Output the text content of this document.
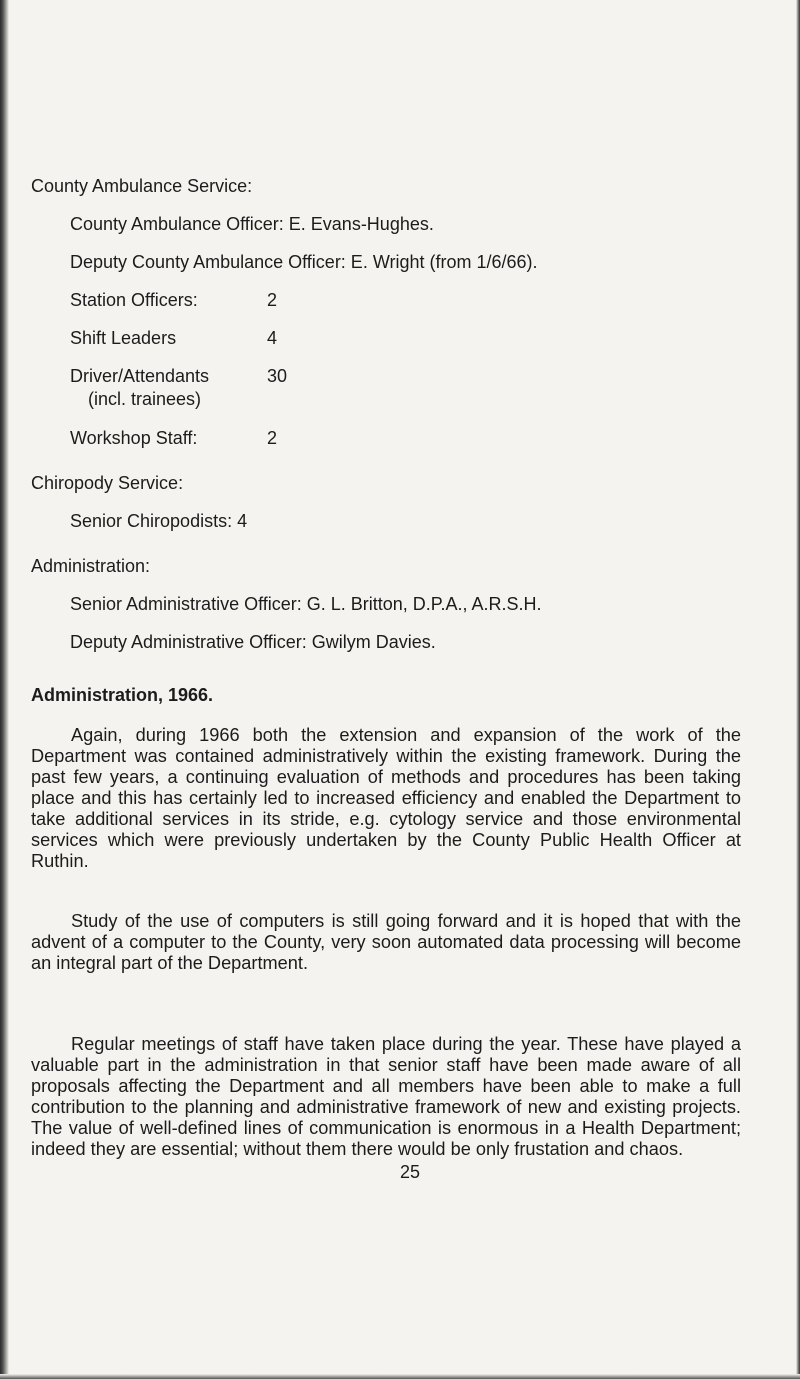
County Ambulance Service:
County Ambulance Officer: E. Evans-Hughes.
Deputy County Ambulance Officer: E. Wright (from 1/6/66).
Station Officers:	2
Shift Leaders	4
Driver/Attendants	30
(incl. trainees)
Workshop Staff:	2
Chiropody Service:
Senior Chiropodists: 4
Administration:
Senior Administrative Officer: G. L. Britton, D.P.A., A.R.S.H.
Deputy Administrative Officer: Gwilym Davies.
Administration, 1966.
Again, during 1966 both the extension and expansion of the work of the Department was contained administratively within the existing framework. During the past few years, a continuing evaluation of methods and procedures has been taking place and this has certainly led to increased efficiency and enabled the Department to take additional services in its stride, e.g. cytology service and those environmental services which were previously undertaken by the County Public Health Officer at Ruthin.
Study of the use of computers is still going forward and it is hoped that with the advent of a computer to the County, very soon automated data processing will become an integral part of the Department.
Regular meetings of staff have taken place during the year. These have played a valuable part in the administration in that senior staff have been made aware of all proposals affecting the Department and all members have been able to make a full contribution to the planning and administrative framework of new and existing projects. The value of well-defined lines of communication is enormous in a Health Department; indeed they are essential; without them there would be only frustation and chaos.
25
